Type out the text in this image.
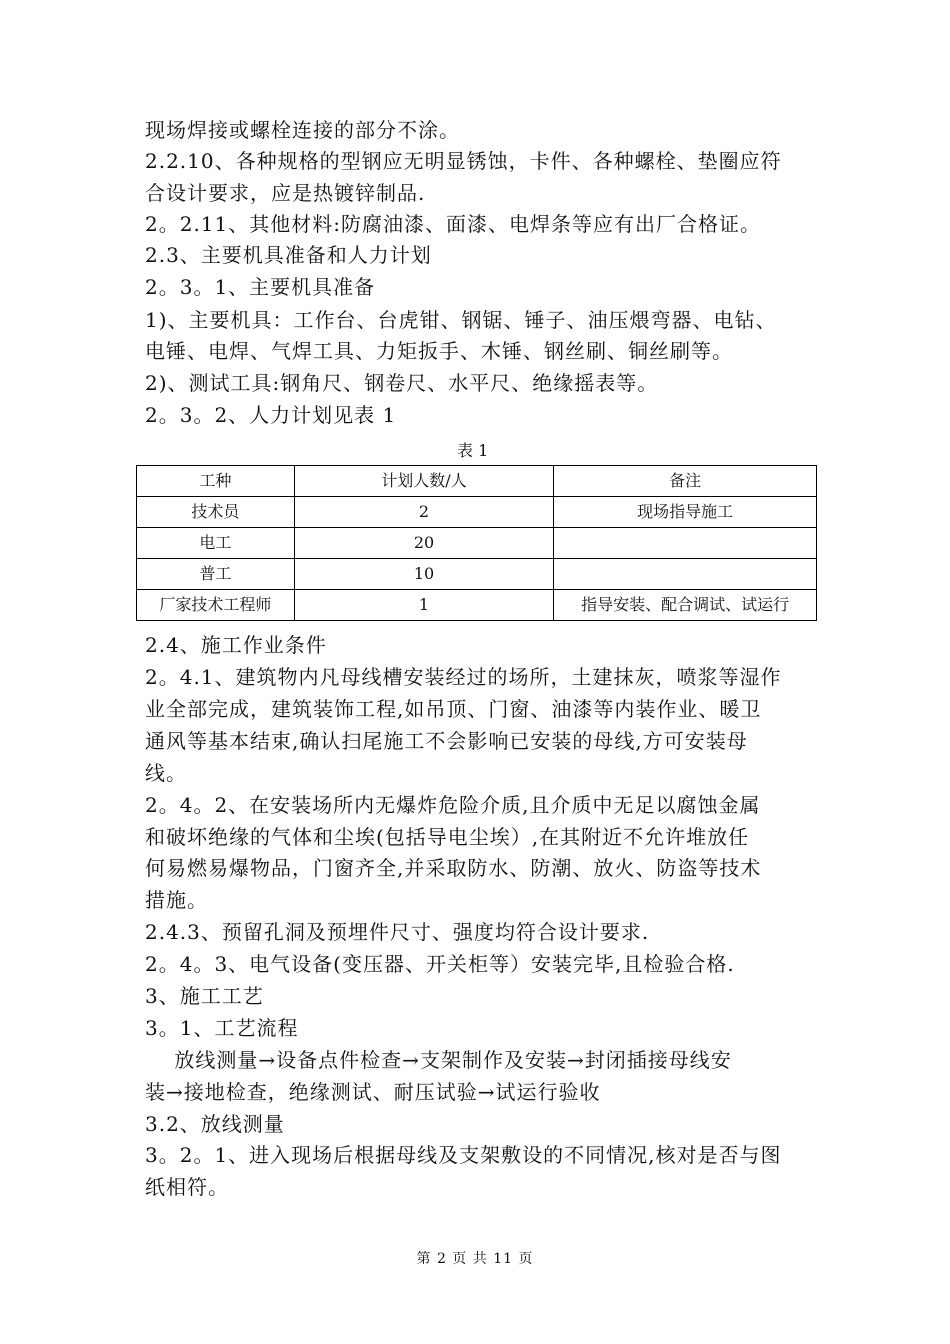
现场焊接或螺栓连接的部分不涂。
2.2.10、各种规格的型钢应无明显锈蚀，卡件、各种螺栓、垫圈应符
合设计要求，应是热镀锌制品.
2。2.11、其他材料:防腐油漆、面漆、电焊条等应有出厂合格证。
2.3、主要机具准备和人力计划
2。3。1、主要机具准备
1)、主要机具：工作台、台虎钳、钢锯、锤子、油压煨弯器、电钻、
电锤、电焊、气焊工具、力矩扳手、木锤、钢丝刷、铜丝刷等。
2)、测试工具:钢角尺、钢卷尺、水平尺、绝缘摇表等。
2。3。2、人力计划见表 1
表 1
工种	计划人数/人	备注
技术员	2	现场指导施工
电工	20	
普工	10	
厂家技术工程师	1	指导安装、配合调试、试运行
2.4、施工作业条件
2。4.1、建筑物内凡母线槽安装经过的场所，土建抹灰，喷浆等湿作
业全部完成，建筑装饰工程,如吊顶、门窗、油漆等内装作业、暖卫
通风等基本结束,确认扫尾施工不会影响已安装的母线,方可安装母
线。
2。4。2、在安装场所内无爆炸危险介质,且介质中无足以腐蚀金属
和破坏绝缘的气体和尘埃(包括导电尘埃）,在其附近不允许堆放任
何易燃易爆物品，门窗齐全,并采取防水、防潮、放火、防盗等技术
措施。
2.4.3、预留孔洞及预埋件尺寸、强度均符合设计要求.
2。4。3、电气设备(变压器、开关柜等）安装完毕,且检验合格.
3、施工工艺
3。1、工艺流程
放线测量→设备点件检查→支架制作及安装→封闭插接母线安
装→接地检查，绝缘测试、耐压试验→试运行验收
3.2、放线测量
3。2。1、进入现场后根据母线及支架敷设的不同情况,核对是否与图
纸相符。
第 2 页 共 11 页
